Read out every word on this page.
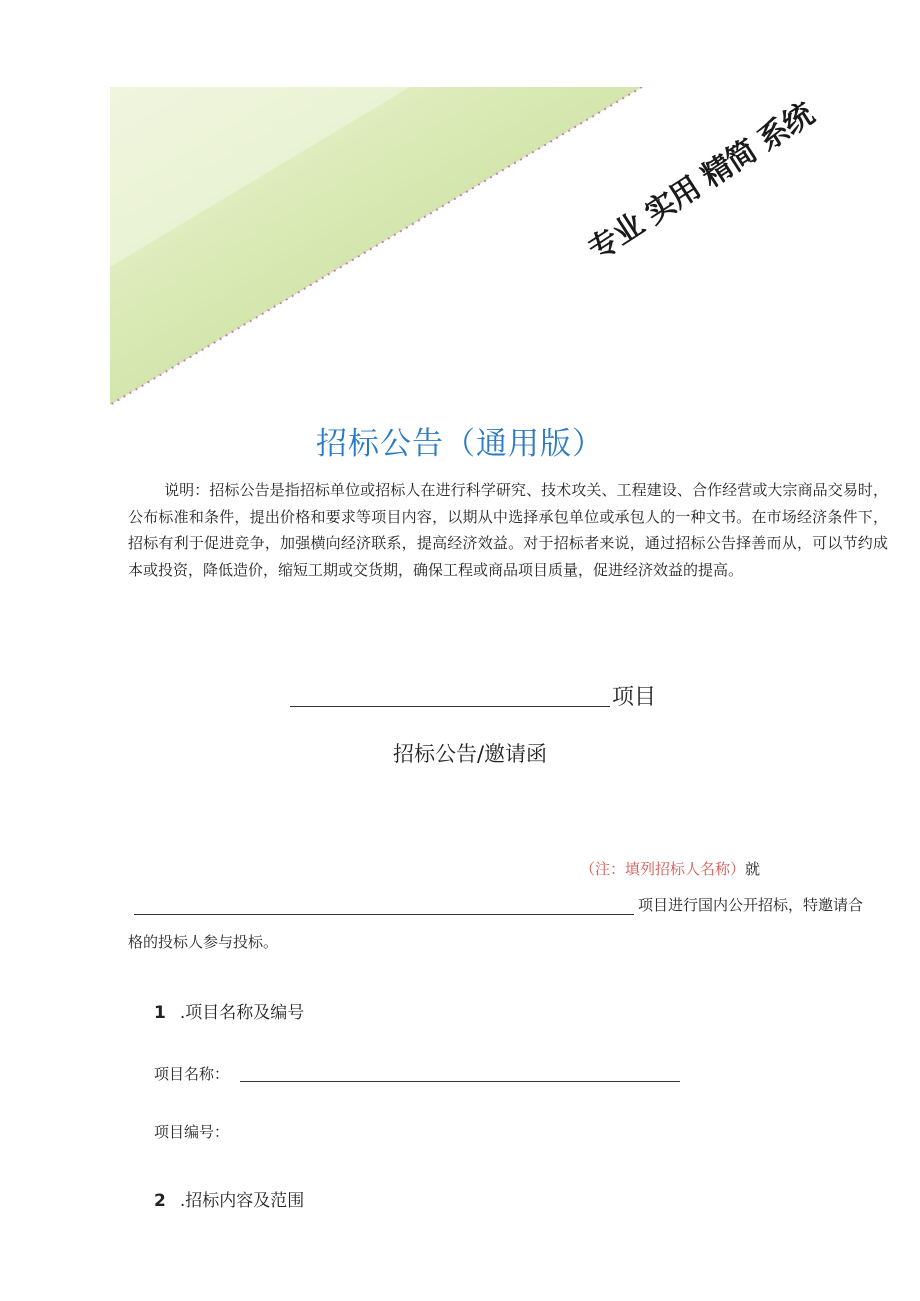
专业 实用 精简 系统
招标公告（通用版）
说明：招标公告是指招标单位或招标人在进行科学研究、技术攻关、工程建设、合作经营或大宗商品交易时，公布标准和条件，提出价格和要求等项目内容，以期从中选择承包单位或承包人的一种文书。在市场经济条件下，招标有利于促进竞争，加强横向经济联系，提高经济效益。对于招标者来说，通过招标公告择善而从，可以节约成本或投资，降低造价，缩短工期或交货期，确保工程或商品项目质量，促进经济效益的提高。
项目
招标公告/邀请函
（注：填列招标人名称）就
项目进行国内公开招标，特邀请合
格的投标人参与投标。
1 .项目名称及编号
项目名称：
项目编号：
2 .招标内容及范围
